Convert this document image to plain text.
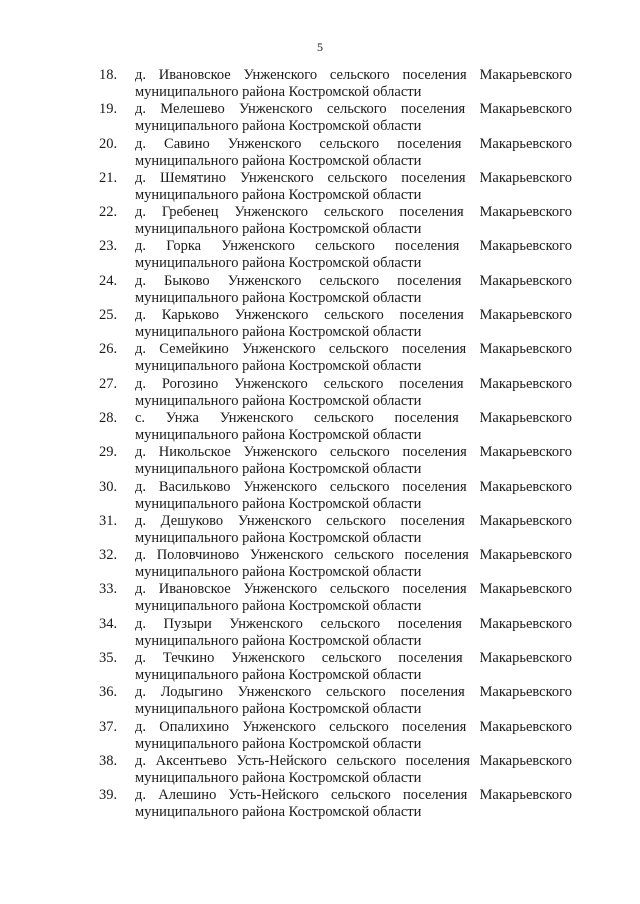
5
18.	д. Ивановское Унженского сельского поселения Макарьевского
муниципального района Костромской области
19.	д. Мелешево Унженского сельского поселения Макарьевского
муниципального района Костромской области
20.	д. Савино Унженского сельского поселения Макарьевского
муниципального района Костромской области
21.	д. Шемятино Унженского сельского поселения Макарьевского
муниципального района Костромской области
22.	д. Гребенец Унженского сельского поселения Макарьевского
муниципального района Костромской области
23.	д. Горка Унженского сельского поселения Макарьевского
муниципального района Костромской области
24.	д. Быково Унженского сельского поселения Макарьевского
муниципального района Костромской области
25.	д. Карьково Унженского сельского поселения Макарьевского
муниципального района Костромской области
26.	д. Семейкино Унженского сельского поселения Макарьевского
муниципального района Костромской области
27.	д. Рогозино Унженского сельского поселения Макарьевского
муниципального района Костромской области
28.	с. Унжа Унженского сельского поселения Макарьевского
муниципального района Костромской области
29.	д. Никольское Унженского сельского поселения Макарьевского
муниципального района Костромской области
30.	д. Васильково Унженского сельского поселения Макарьевского
муниципального района Костромской области
31.	д. Дешуково Унженского сельского поселения Макарьевского
муниципального района Костромской области
32.	д. Половчиново Унженского сельского поселения Макарьевского
муниципального района Костромской области
33.	д. Ивановское Унженского сельского поселения Макарьевского
муниципального района Костромской области
34.	д. Пузыри Унженского сельского поселения Макарьевского
муниципального района Костромской области
35.	д. Течкино Унженского сельского поселения Макарьевского
муниципального района Костромской области
36.	д. Лодыгино Унженского сельского поселения Макарьевского
муниципального района Костромской области
37.	д. Опалихино Унженского сельского поселения Макарьевского
муниципального района Костромской области
38.	д. Аксентьево Усть-Нейского сельского поселения Макарьевского
муниципального района Костромской области
39.	д. Алешино Усть-Нейского сельского поселения Макарьевского
муниципального района Костромской области
